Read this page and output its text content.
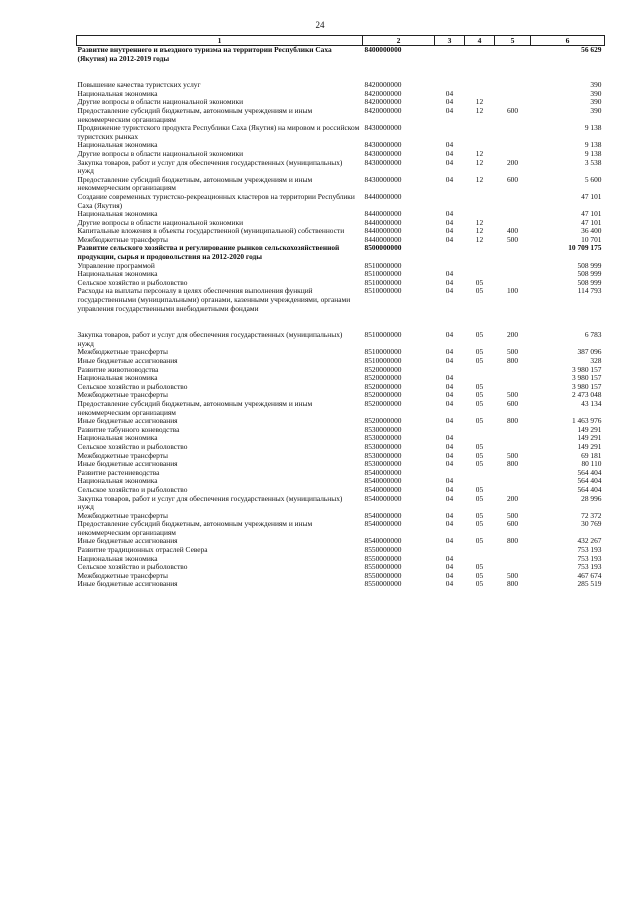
24
1	2	3	4	5	6
Развитие внутреннего и въездного туризма на территории Республики Саха (Якутия) на 2012-2019 годы	8400000000				56 629

Повышение качества туристских услуг	8420000000				390
Национальная экономика	8420000000	04			390
Другие вопросы в области национальной экономики	8420000000	04	12		390
Предоставление субсидий бюджетным, автономным учреждениям и иным некоммерческим организациям	8420000000	04	12	600	390
Продвижение туристского продукта Республики Саха (Якутия) на мировом и российском туристских рынках	8430000000				9 138
Национальная экономика	8430000000	04			9 138
Другие вопросы в области национальной экономики	8430000000	04	12		9 138
Закупка товаров, работ и услуг для обеспечения государственных (муниципальных) нужд	8430000000	04	12	200	3 538
Предоставление субсидий бюджетным, автономным учреждениям и иным некоммерческим организациям	8430000000	04	12	600	5 600
Создание современных туристско-рекреационных кластеров на территории Республики Саха (Якутия)	8440000000				47 101
Национальная экономика	8440000000	04			47 101
Другие вопросы в области национальной экономики	8440000000	04	12		47 101
Капитальные вложения в объекты государственной (муниципальной) собственности	8440000000	04	12	400	36 400
Межбюджетные трансферты	8440000000	04	12	500	10 701
Развитие сельского хозяйства и регулирование рынков сельскохозяйственной продукции, сырья и продовольствия на 2012-2020 годы	8500000000				10 709 175
Управление программой	8510000000				508 999
Национальная экономика	8510000000	04			508 999
Сельское хозяйство и рыболовство	8510000000	04	05		508 999
Расходы на выплаты персоналу в целях обеспечения выполнения функций государственными (муниципальными) органами, казенными учреждениями, органами управления государственными внебюджетными фондами	8510000000	04	05	100	114 793

Закупка товаров, работ и услуг для обеспечения государственных (муниципальных) нужд	8510000000	04	05	200	6 783
Межбюджетные трансферты	8510000000	04	05	500	387 096
Иные бюджетные ассигнования	8510000000	04	05	800	328
Развитие животноводства	8520000000				3 980 157
Национальная экономика	8520000000	04			3 980 157
Сельское хозяйство и рыболовство	8520000000	04	05		3 980 157
Межбюджетные трансферты	8520000000	04	05	500	2 473 048
Предоставление субсидий бюджетным, автономным учреждениям и иным некоммерческим организациям	8520000000	04	05	600	43 134
Иные бюджетные ассигнования	8520000000	04	05	800	1 463 976
Развитие табунного коневодства	8530000000				149 291
Национальная экономика	8530000000	04			149 291
Сельское хозяйство и рыболовство	8530000000	04	05		149 291
Межбюджетные трансферты	8530000000	04	05	500	69 181
Иные бюджетные ассигнования	8530000000	04	05	800	80 110
Развитие растениеводства	8540000000				564 404
Национальная экономика	8540000000	04			564 404
Сельское хозяйство и рыболовство	8540000000	04	05		564 404
Закупка товаров, работ и услуг для обеспечения государственных (муниципальных) нужд	8540000000	04	05	200	28 996
Межбюджетные трансферты	8540000000	04	05	500	72 372
Предоставление субсидий бюджетным, автономным учреждениям и иным некоммерческим организациям	8540000000	04	05	600	30 769
Иные бюджетные ассигнования	8540000000	04	05	800	432 267
Развитие традиционных отраслей Севера	8550000000				753 193
Национальная экономика	8550000000	04			753 193
Сельское хозяйство и рыболовство	8550000000	04	05		753 193
Межбюджетные трансферты	8550000000	04	05	500	467 674
Иные бюджетные ассигнования	8550000000	04	05	800	285 519
